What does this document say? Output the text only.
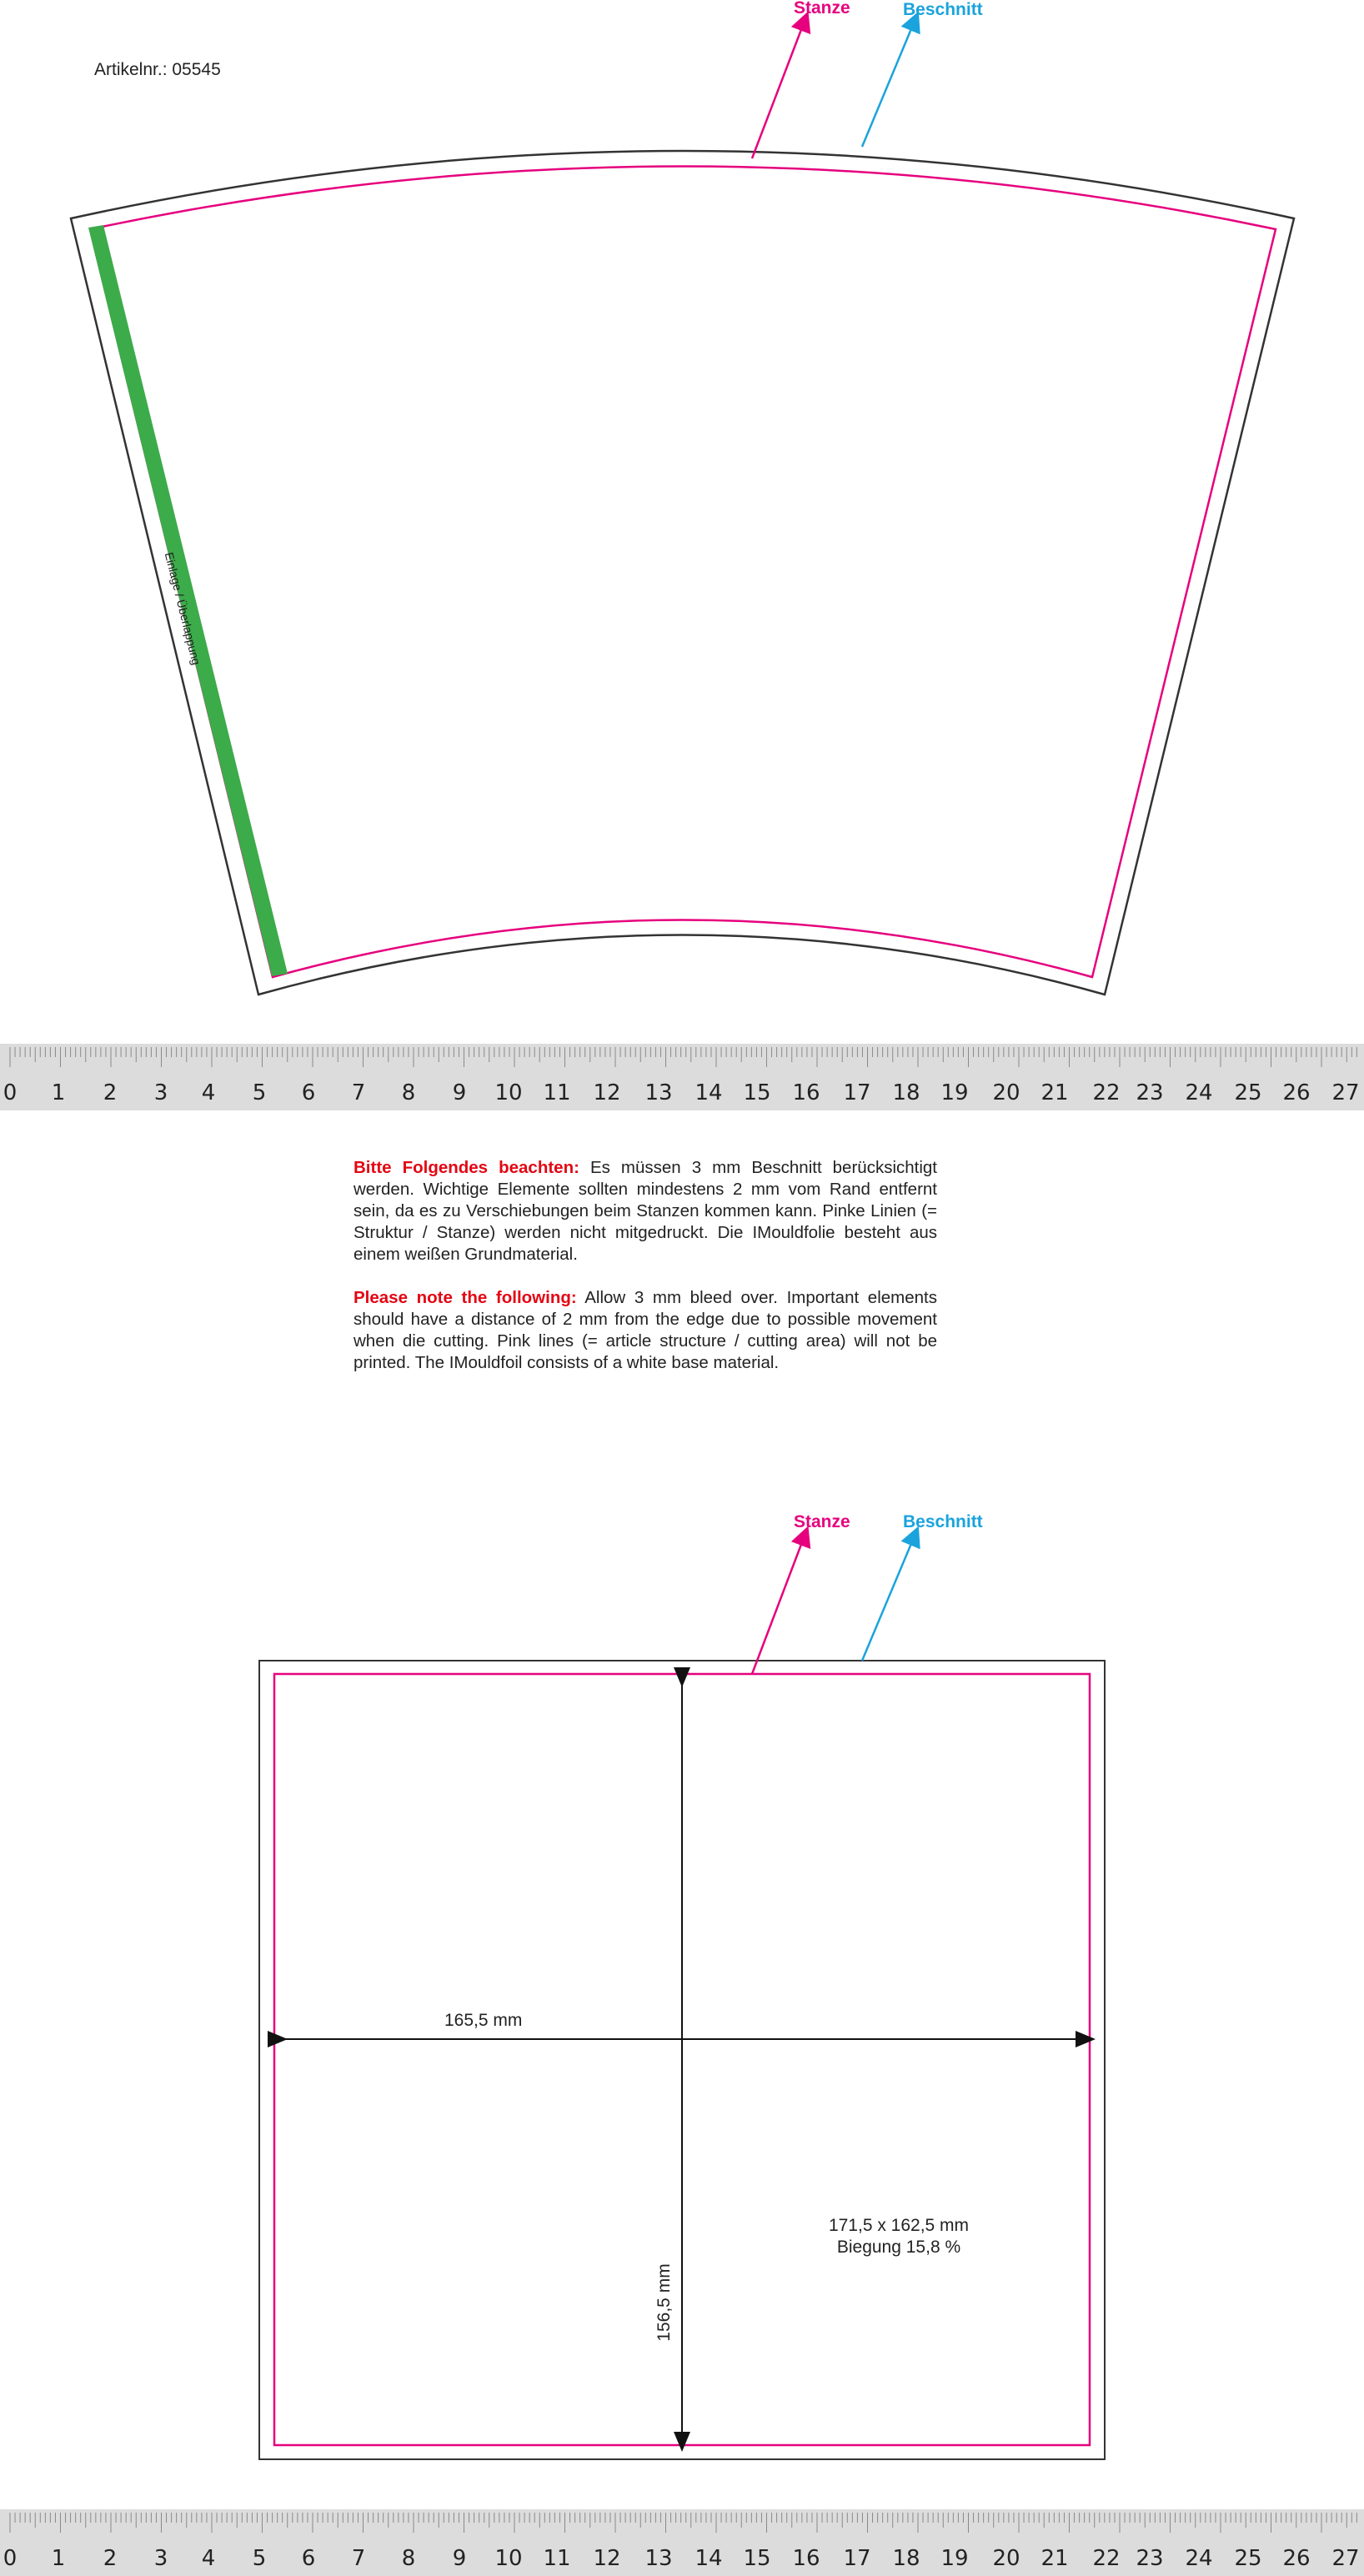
Artikelnr.: 05545
Stanze	Beschnitt
Einlage / Überlappung
0 1 2 3 4 5 6 7 8 9 10 11 12 13 14 15 16 17 18 19 20 21 22 23 24 25 26 27

Bitte Folgendes beachten: Es müssen 3 mm Beschnitt berücksichtigt werden. Wichtige Elemente sollten mindestens 2 mm vom Rand entfernt sein, da es zu Verschiebungen beim Stanzen kommen kann. Pinke Linien (= Struktur / Stanze) werden nicht mitgedruckt. Die IMouldfolie besteht aus einem weißen Grundmaterial.

Please note the following: Allow 3 mm bleed over. Important elements should have a distance of 2 mm from the edge due to possible movement when die cutting. Pink lines (= article structure / cutting area) will not be printed. The IMouldfoil consists of a white base material.

Stanze	Beschnitt
165,5 mm
156,5 mm
171,5 x 162,5 mm
Biegung 15,8 %
0 1 2 3 4 5 6 7 8 9 10 11 12 13 14 15 16 17 18 19 20 21 22 23 24 25 26 27
